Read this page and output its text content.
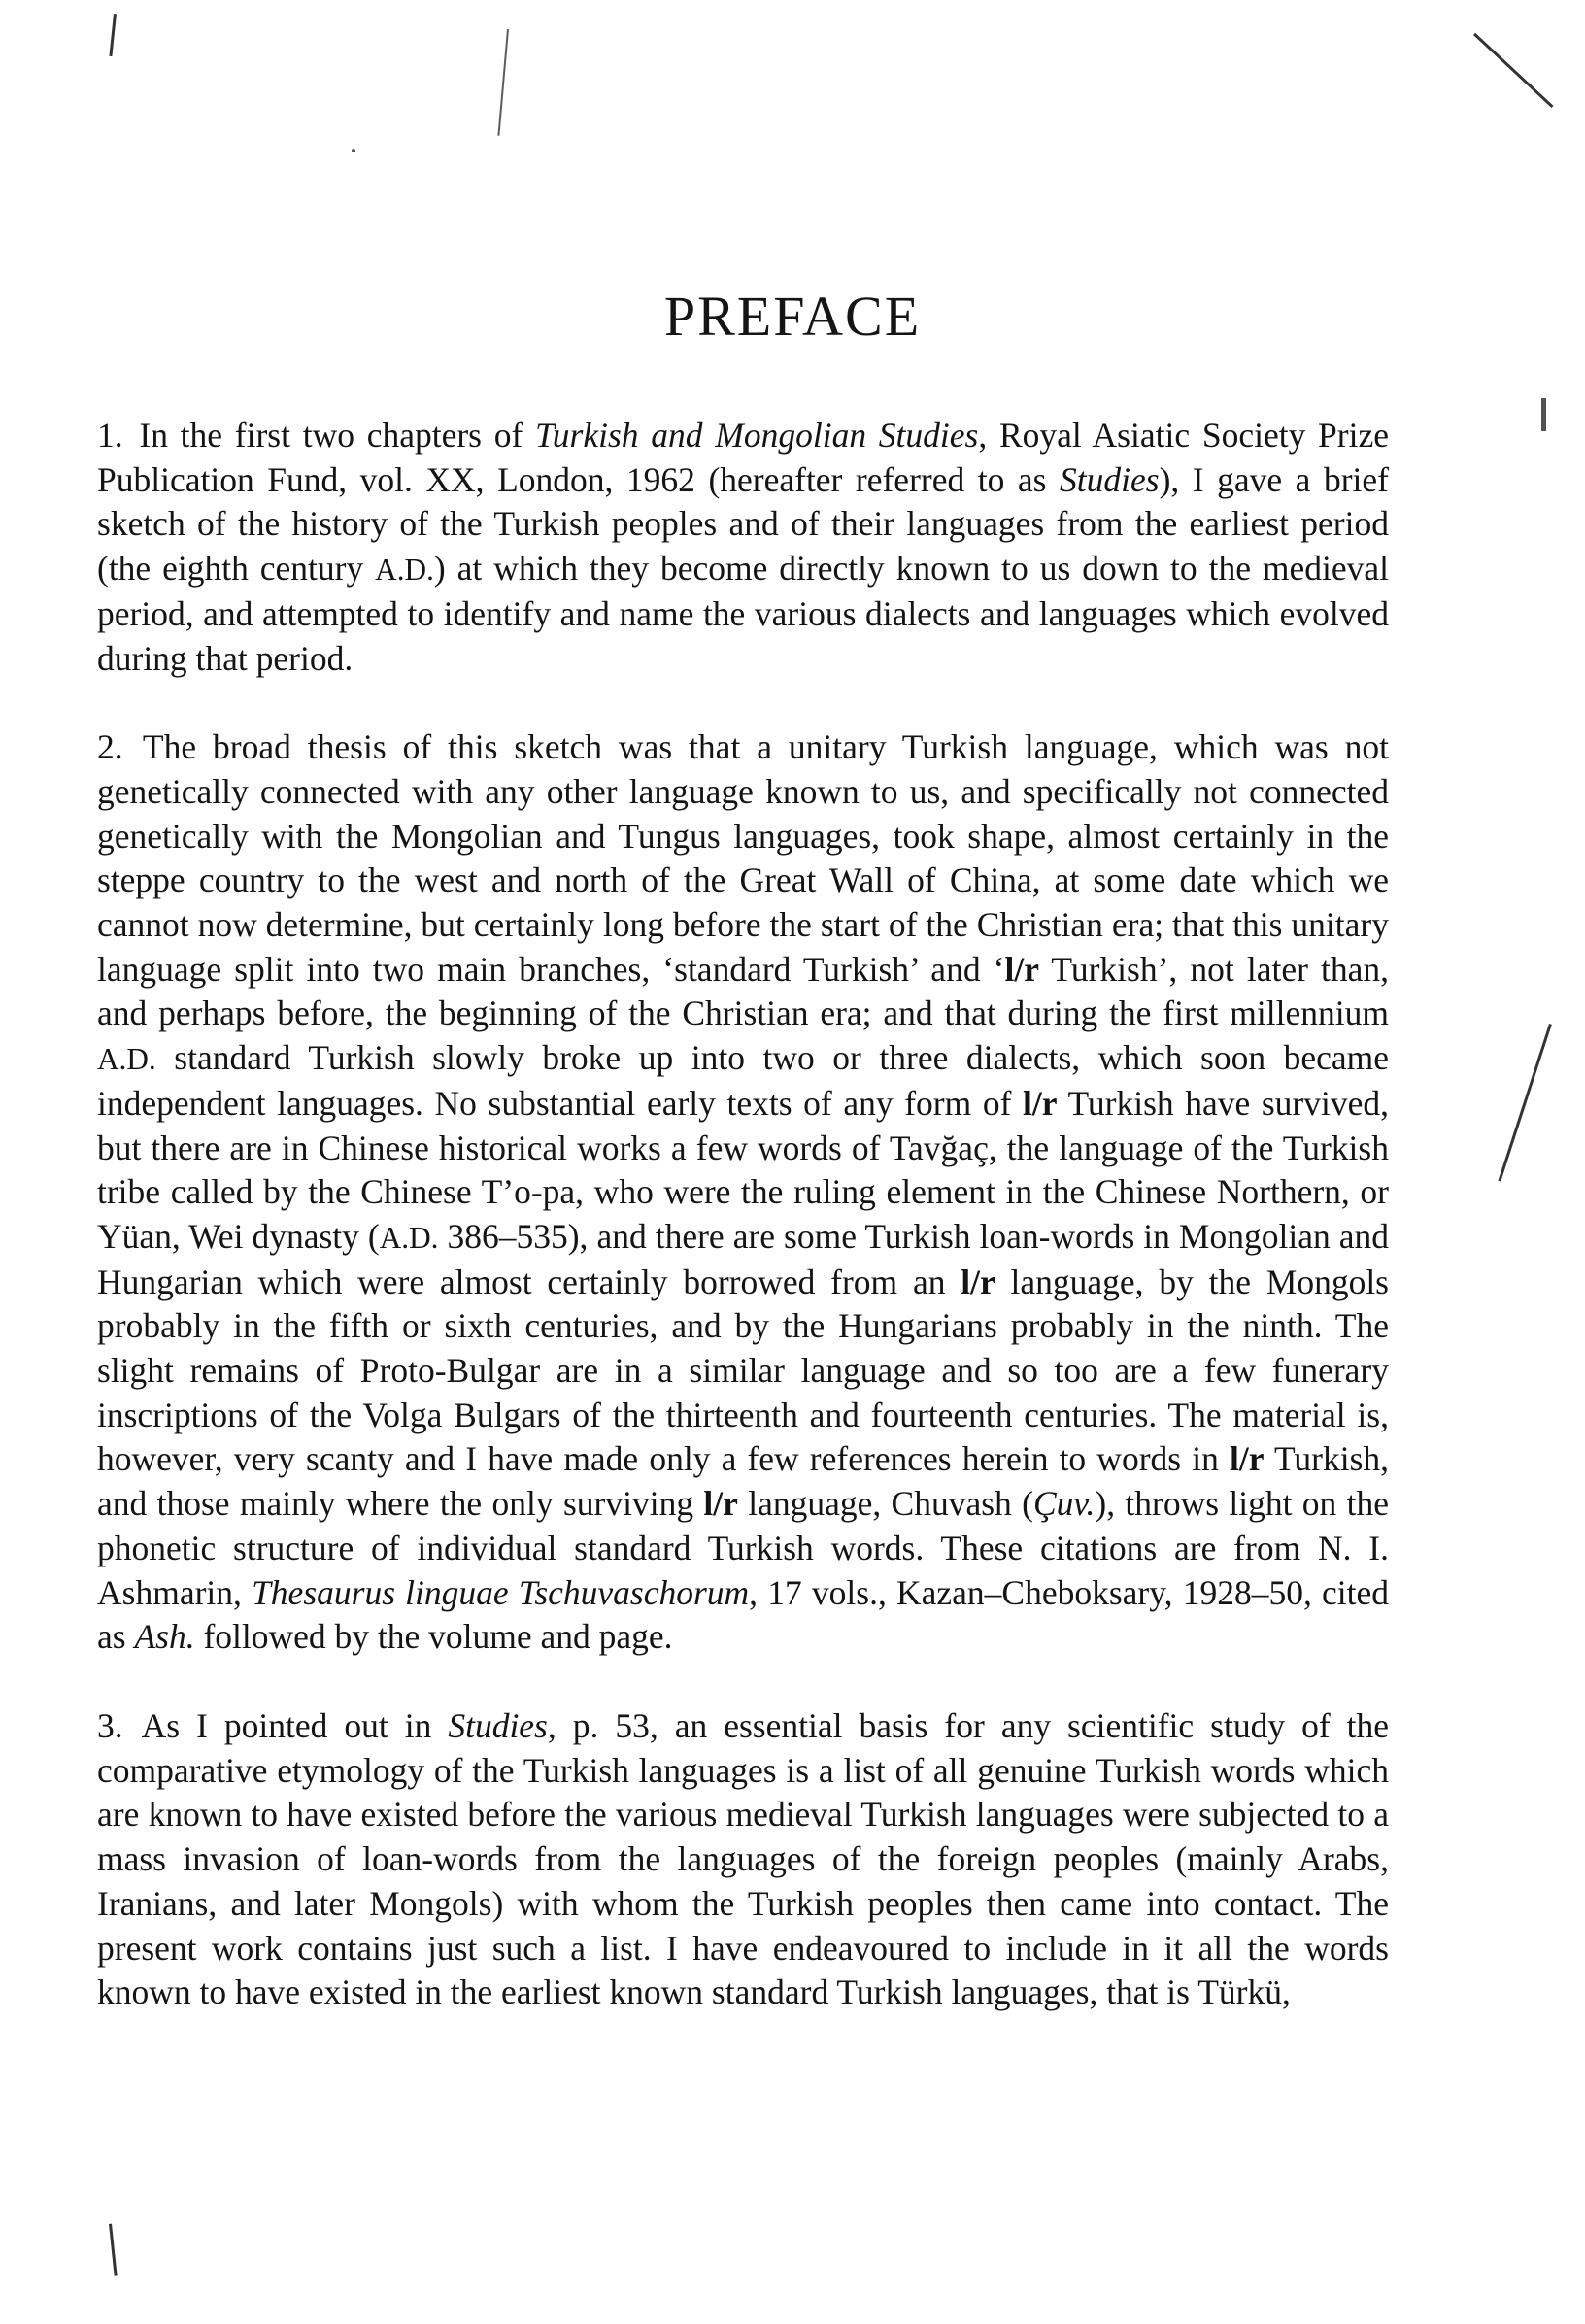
PREFACE

1. In the first two chapters of Turkish and Mongolian Studies, Royal Asiatic Society Prize Publication Fund, vol. XX, London, 1962 (hereafter referred to as Studies), I gave a brief sketch of the history of the Turkish peoples and of their languages from the earliest period (the eighth century A.D.) at which they become directly known to us down to the medieval period, and attempted to identify and name the various dialects and languages which evolved during that period.

2. The broad thesis of this sketch was that a unitary Turkish language, which was not genetically connected with any other language known to us, and specifically not connected genetically with the Mongolian and Tungus languages, took shape, almost certainly in the steppe country to the west and north of the Great Wall of China, at some date which we cannot now determine, but certainly long before the start of the Christian era; that this unitary language split into two main branches, ‘standard Turkish’ and ‘l/r Turkish’, not later than, and perhaps before, the beginning of the Christian era; and that during the first millennium A.D. standard Turkish slowly broke up into two or three dialects, which soon became independent languages. No substantial early texts of any form of l/r Turkish have survived, but there are in Chinese historical works a few words of Tavğaç, the language of the Turkish tribe called by the Chinese T’o-pa, who were the ruling element in the Chinese Northern, or Yüan, Wei dynasty (A.D. 386–535), and there are some Turkish loan-words in Mongolian and Hungarian which were almost certainly borrowed from an l/r language, by the Mongols probably in the fifth or sixth centuries, and by the Hungarians probably in the ninth. The slight remains of Proto-Bulgar are in a similar language and so too are a few funerary inscriptions of the Volga Bulgars of the thirteenth and fourteenth centuries. The material is, however, very scanty and I have made only a few references herein to words in l/r Turkish, and those mainly where the only surviving l/r language, Chuvash (Çuv.), throws light on the phonetic structure of individual standard Turkish words. These citations are from N. I. Ashmarin, Thesaurus linguae Tschuvaschorum, 17 vols., Kazan–Cheboksary, 1928–50, cited as Ash. followed by the volume and page.

3. As I pointed out in Studies, p. 53, an essential basis for any scientific study of the comparative etymology of the Turkish languages is a list of all genuine Turkish words which are known to have existed before the various medieval Turkish languages were subjected to a mass invasion of loan-words from the languages of the foreign peoples (mainly Arabs, Iranians, and later Mongols) with whom the Turkish peoples then came into contact. The present work contains just such a list. I have endeavoured to include in it all the words known to have existed in the earliest known standard Turkish languages, that is Türkü,
